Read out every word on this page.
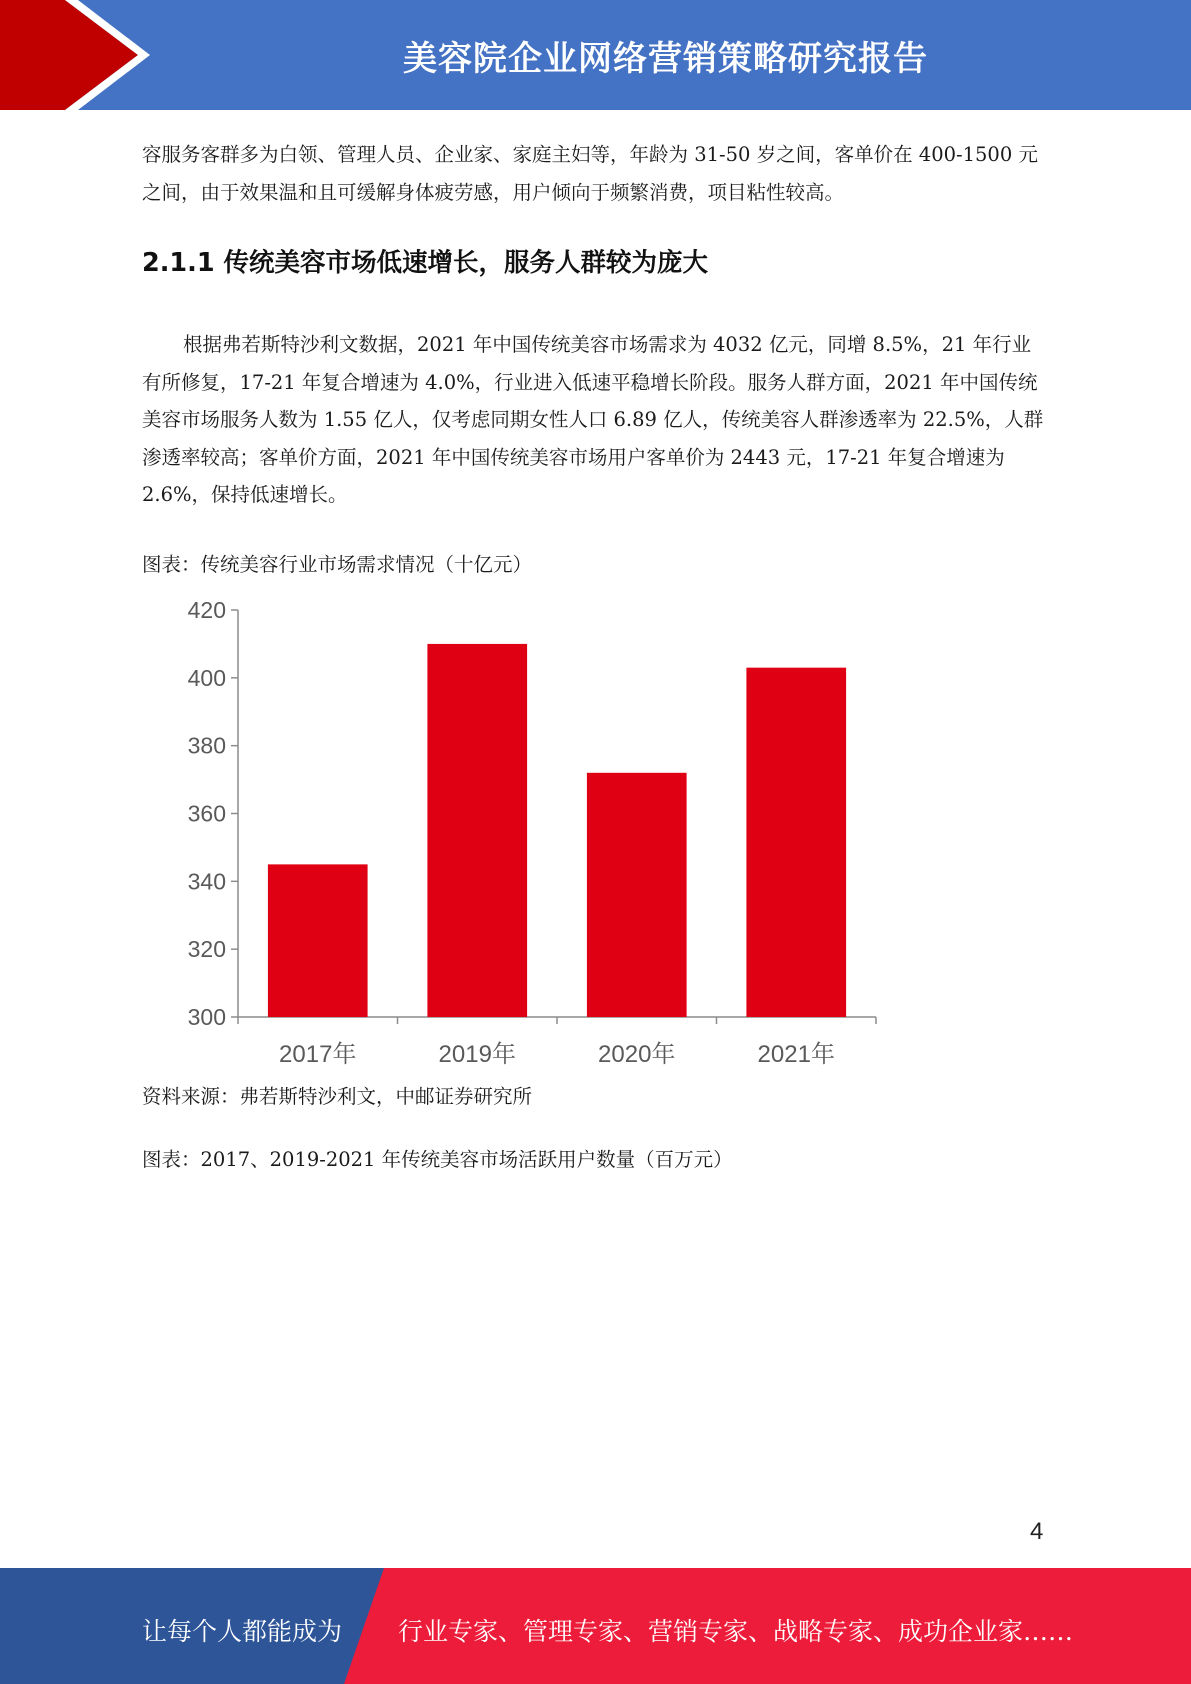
美容院企业网络营销策略研究报告

容服务客群多为白领、管理人员、企业家、家庭主妇等，年龄为 31-50 岁之间，客单价在 400-1500 元之间，由于效果温和且可缓解身体疲劳感，用户倾向于频繁消费，项目粘性较高。

2.1.1 传统美容市场低速增长，服务人群较为庞大

根据弗若斯特沙利文数据，2021 年中国传统美容市场需求为 4032 亿元，同增 8.5%，21 年行业有所修复，17-21 年复合增速为 4.0%，行业进入低速平稳增长阶段。服务人群方面，2021 年中国传统美容市场服务人数为 1.55 亿人，仅考虑同期女性人口 6.89 亿人，传统美容人群渗透率为 22.5%，人群渗透率较高；客单价方面，2021 年中国传统美容市场用户客单价为 2443 元，17-21 年复合增速为 2.6%，保持低速增长。

图表：传统美容行业市场需求情况（十亿元）

300
320
340
360
380
400
420
2017年	2019年	2020年	2021年

资料来源：弗若斯特沙利文，中邮证券研究所

图表：2017、2019-2021 年传统美容市场活跃用户数量（百万元）

4
让每个人都能成为 行业专家、管理专家、营销专家、战略专家、成功企业家……
